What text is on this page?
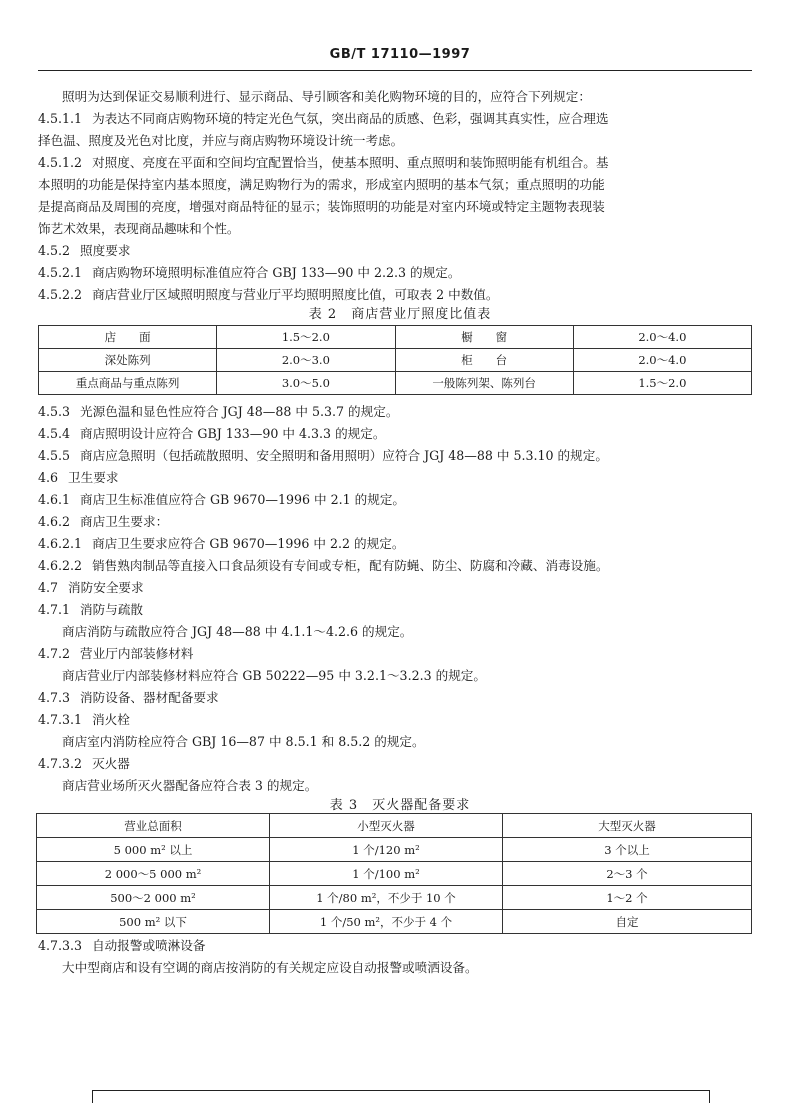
GB/T 17110—1997
照明为达到保证交易顺利进行、显示商品、导引顾客和美化购物环境的目的，应符合下列规定：
4.5.1.1 为表达不同商店购物环境的特定光色气氛，突出商品的质感、色彩，强调其真实性，应合理选
择色温、照度及光色对比度，并应与商店购物环境设计统一考虑。
4.5.1.2 对照度、亮度在平面和空间均宜配置恰当，使基本照明、重点照明和装饰照明能有机组合。基
本照明的功能是保持室内基本照度，满足购物行为的需求，形成室内照明的基本气氛；重点照明的功能
是提高商品及周围的亮度，增强对商品特征的显示；装饰照明的功能是对室内环境或特定主题物表现装
饰艺术效果，表现商品趣味和个性。
4.5.2 照度要求
4.5.2.1 商店购物环境照明标准值应符合 GBJ 133—90 中 2.2.3 的规定。
4.5.2.2 商店营业厅区域照明照度与营业厅平均照明照度比值，可取表 2 中数值。
表 2　商店营业厅照度比值表
店　　面	1.5～2.0	橱　　窗	2.0～4.0
深处陈列	2.0～3.0	柜　　台	2.0～4.0
重点商品与重点陈列	3.0～5.0	一般陈列架、陈列台	1.5～2.0
4.5.3 光源色温和显色性应符合 JGJ 48—88 中 5.3.7 的规定。
4.5.4 商店照明设计应符合 GBJ 133—90 中 4.3.3 的规定。
4.5.5 商店应急照明（包括疏散照明、安全照明和备用照明）应符合 JGJ 48—88 中 5.3.10 的规定。
4.6 卫生要求
4.6.1 商店卫生标准值应符合 GB 9670—1996 中 2.1 的规定。
4.6.2 商店卫生要求：
4.6.2.1 商店卫生要求应符合 GB 9670—1996 中 2.2 的规定。
4.6.2.2 销售熟肉制品等直接入口食品须设有专间或专柜，配有防蝇、防尘、防腐和冷藏、消毒设施。
4.7 消防安全要求
4.7.1 消防与疏散
商店消防与疏散应符合 JGJ 48—88 中 4.1.1～4.2.6 的规定。
4.7.2 营业厅内部装修材料
商店营业厅内部装修材料应符合 GB 50222—95 中 3.2.1～3.2.3 的规定。
4.7.3 消防设备、器材配备要求
4.7.3.1 消火栓
商店室内消防栓应符合 GBJ 16—87 中 8.5.1 和 8.5.2 的规定。
4.7.3.2 灭火器
商店营业场所灭火器配备应符合表 3 的规定。
表 3　灭火器配备要求
营业总面积	小型灭火器	大型灭火器
5 000 m² 以上	1 个/120 m²	3 个以上
2 000～5 000 m²	1 个/100 m²	2～3 个
500～2 000 m²	1 个/80 m²，不少于 10 个	1～2 个
500 m² 以下	1 个/50 m²，不少于 4 个	自定
4.7.3.3 自动报警或喷淋设备
大中型商店和设有空调的商店按消防的有关规定应设自动报警或喷洒设备。
